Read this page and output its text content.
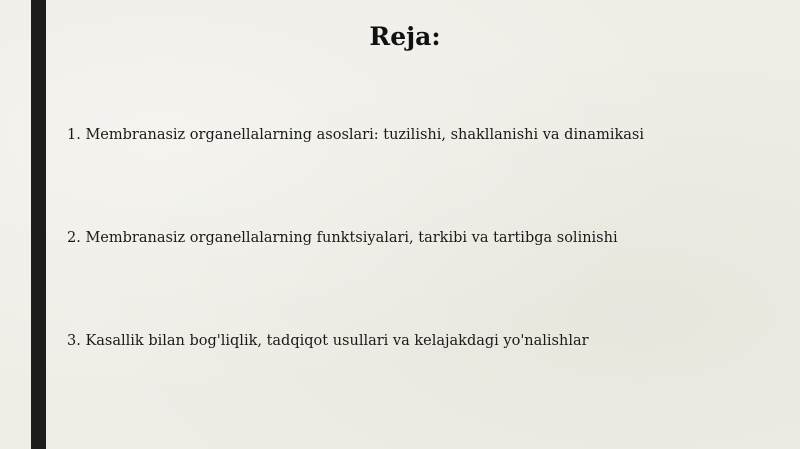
Reja:
1. Membranasiz organellalarning asoslari: tuzilishi, shakllanishi va dinamikasi
2. Membranasiz organellalarning funktsiyalari, tarkibi va tartibga solinishi
3. Kasallik bilan bog'liqlik, tadqiqot usullari va kelajakdagi yo'nalishlar
